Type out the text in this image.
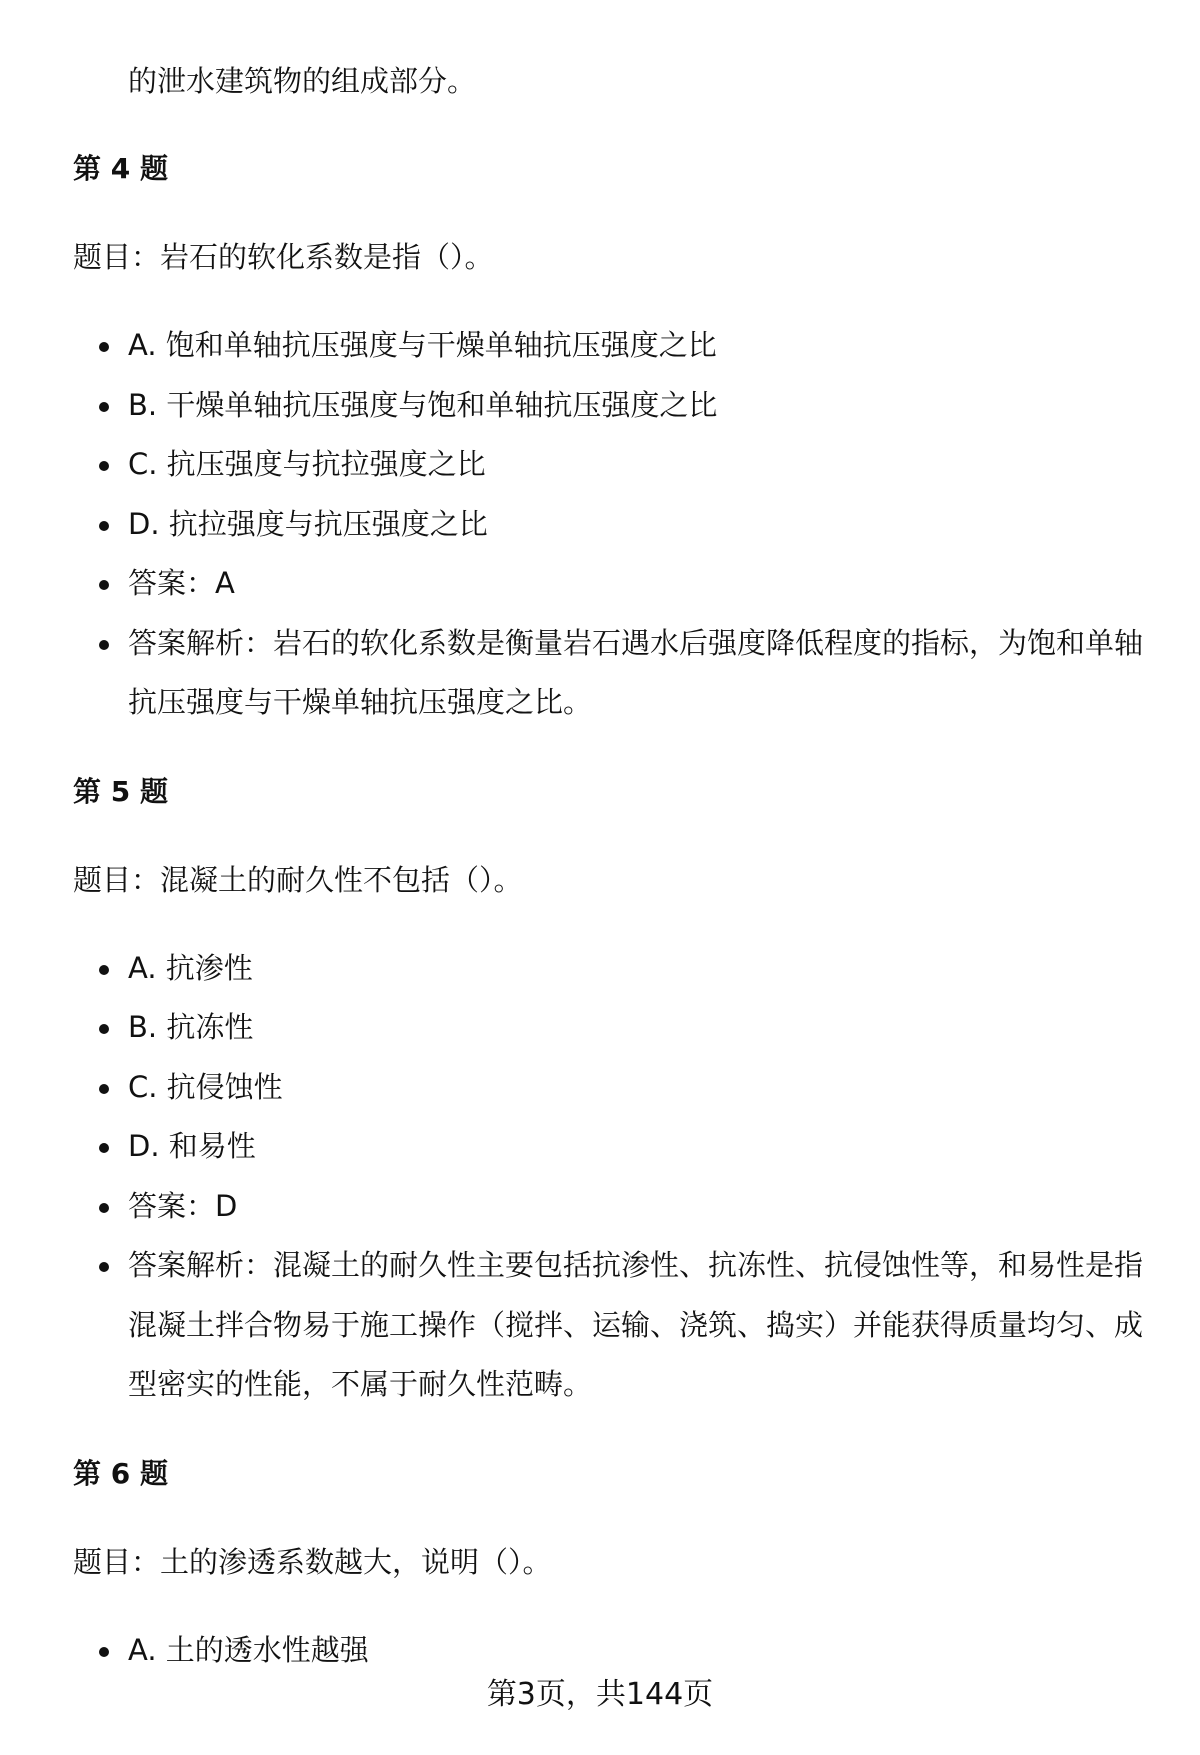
的泄水建筑物的组成部分。

第 4 题
题目：岩石的软化系数是指（）。
A. 饱和单轴抗压强度与干燥单轴抗压强度之比
B. 干燥单轴抗压强度与饱和单轴抗压强度之比
C. 抗压强度与抗拉强度之比
D. 抗拉强度与抗压强度之比
答案：A
答案解析：岩石的软化系数是衡量岩石遇水后强度降低程度的指标，为饱和单轴抗压强度与干燥单轴抗压强度之比。
第 5 题
题目：混凝土的耐久性不包括（）。
A. 抗渗性
B. 抗冻性
C. 抗侵蚀性
D. 和易性
答案：D
答案解析：混凝土的耐久性主要包括抗渗性、抗冻性、抗侵蚀性等，和易性是指混凝土拌合物易于施工操作（搅拌、运输、浇筑、捣实）并能获得质量均匀、成型密实的性能，不属于耐久性范畴。
第 6 题
题目：土的渗透系数越大，说明（）。
A. 土的透水性越强
第3页，共144页
